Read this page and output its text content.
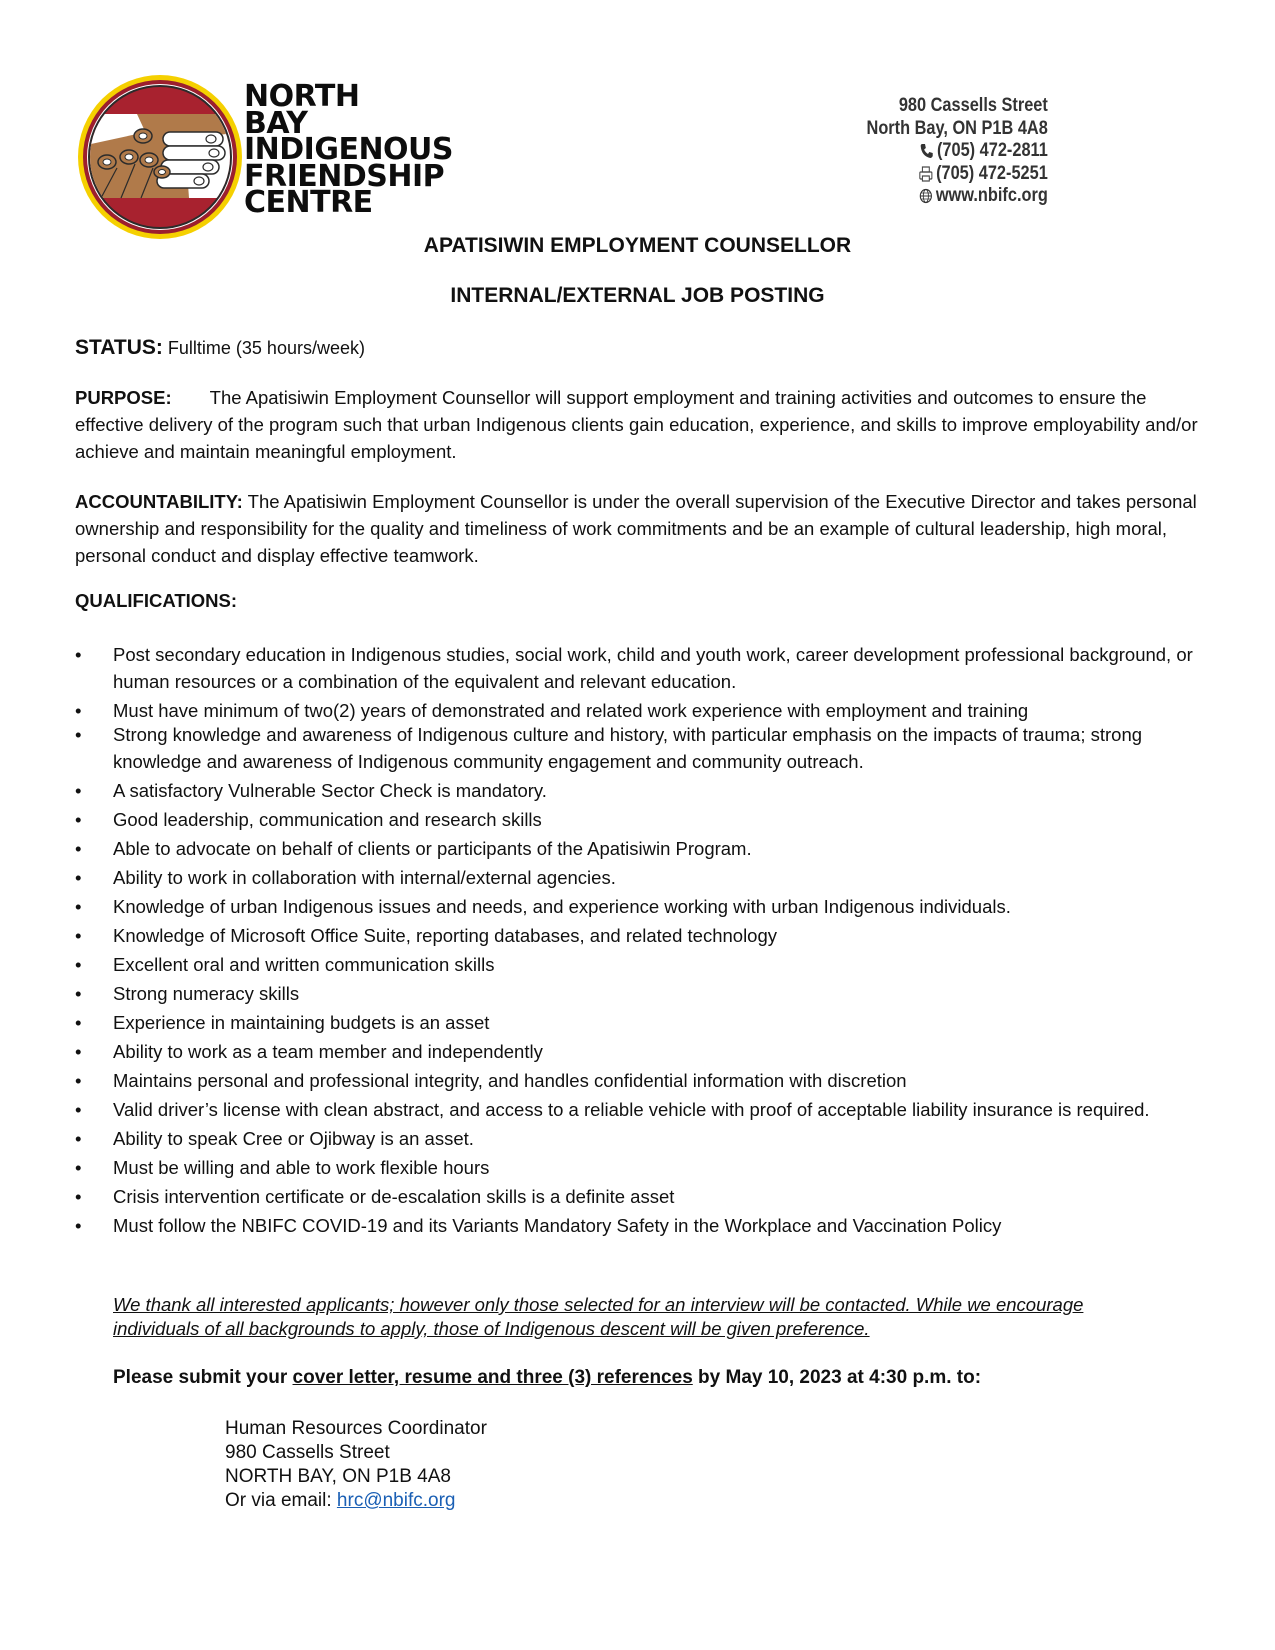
NORTH
BAY
INDIGENOUS
FRIENDSHIP
CENTRE
980 Cassells Street
North Bay, ON P1B 4A8
(705) 472-2811
(705) 472-5251
www.nbifc.org
APATISIWIN EMPLOYMENT COUNSELLOR
INTERNAL/EXTERNAL JOB POSTING
STATUS: Fulltime (35 hours/week)
PURPOSE: The Apatisiwin Employment Counsellor will support employment and training activities and outcomes to ensure the effective delivery of the program such that urban Indigenous clients gain education, experience, and skills to improve employability and/or achieve and maintain meaningful employment.
ACCOUNTABILITY: The Apatisiwin Employment Counsellor is under the overall supervision of the Executive Director and takes personal ownership and responsibility for the quality and timeliness of work commitments and be an example of cultural leadership, high moral, personal conduct and display effective teamwork.
QUALIFICATIONS:
• Post secondary education in Indigenous studies, social work, child and youth work, career development professional background, or human resources or a combination of the equivalent and relevant education.
• Must have minimum of two(2) years of demonstrated and related work experience with employment and training
• Strong knowledge and awareness of Indigenous culture and history, with particular emphasis on the impacts of trauma; strong knowledge and awareness of Indigenous community engagement and community outreach.
• A satisfactory Vulnerable Sector Check is mandatory.
• Good leadership, communication and research skills
• Able to advocate on behalf of clients or participants of the Apatisiwin Program.
• Ability to work in collaboration with internal/external agencies.
• Knowledge of urban Indigenous issues and needs, and experience working with urban Indigenous individuals.
• Knowledge of Microsoft Office Suite, reporting databases, and related technology
• Excellent oral and written communication skills
• Strong numeracy skills
• Experience in maintaining budgets is an asset
• Ability to work as a team member and independently
• Maintains personal and professional integrity, and handles confidential information with discretion
• Valid driver’s license with clean abstract, and access to a reliable vehicle with proof of acceptable liability insurance is required.
• Ability to speak Cree or Ojibway is an asset.
• Must be willing and able to work flexible hours
• Crisis intervention certificate or de-escalation skills is a definite asset
• Must follow the NBIFC COVID-19 and its Variants Mandatory Safety in the Workplace and Vaccination Policy
We thank all interested applicants; however only those selected for an interview will be contacted. While we encourage individuals of all backgrounds to apply, those of Indigenous descent will be given preference.
Please submit your cover letter, resume and three (3) references by May 10, 2023 at 4:30 p.m. to:
Human Resources Coordinator
980 Cassells Street
NORTH BAY, ON P1B 4A8
Or via email: hrc@nbifc.org
